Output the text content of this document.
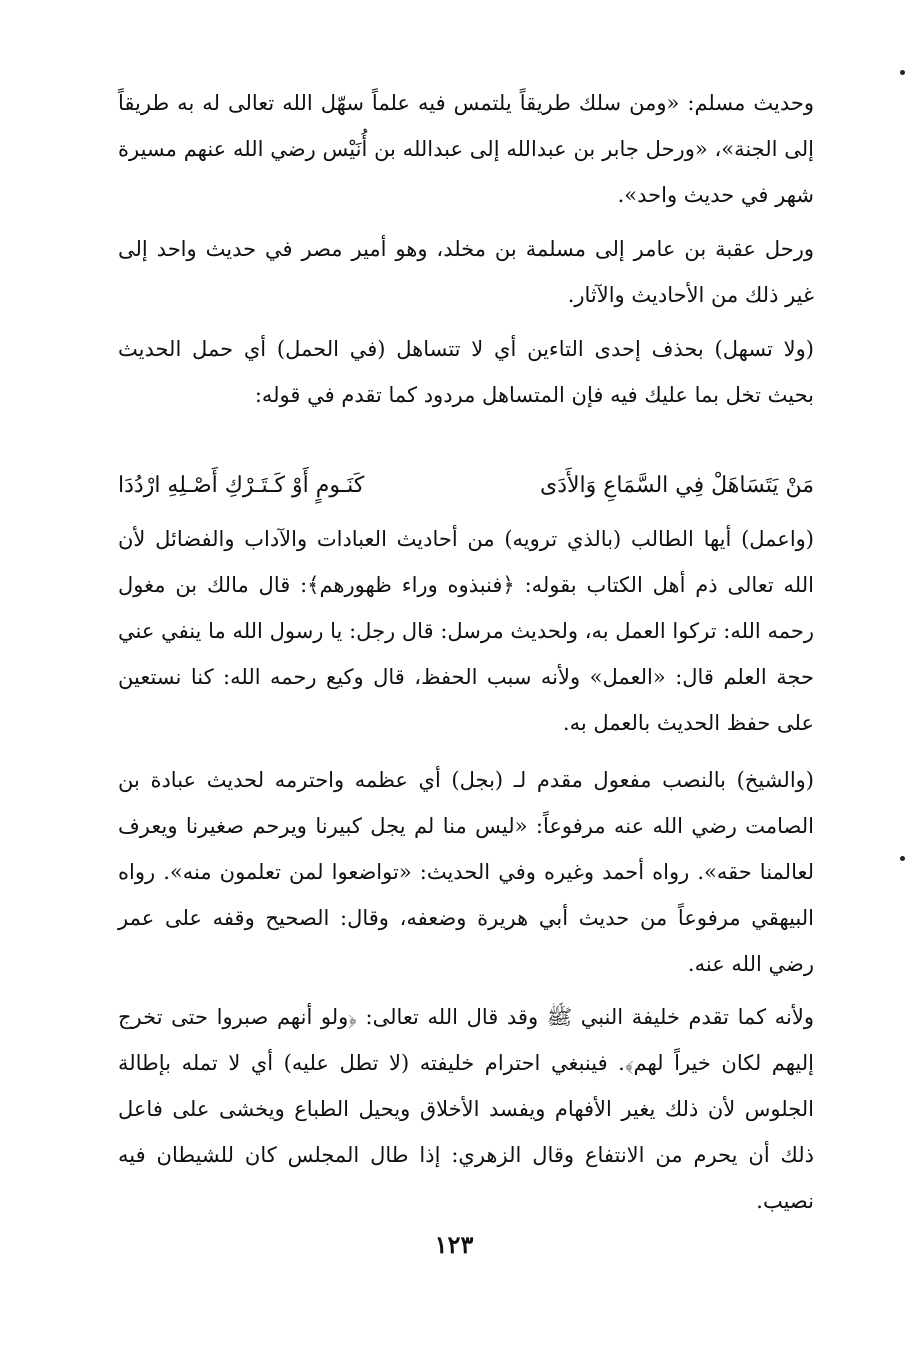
وحديث مسلم: «ومن سلك طريقاً يلتمس فيه علماً سهّل الله تعالى له به طريقاً إلى الجنة»، «ورحل جابر بن عبدالله إلى عبدالله بن أُنَيْس رضي الله عنهم مسيرة شهر في حديث واحد».

ورحل عقبة بن عامر إلى مسلمة بن مخلد، وهو أمير مصر في حديث واحد إلى غير ذلك من الأحاديث والآثار.

(ولا تسهل) بحذف إحدى التاءين أي لا تتساهل (في الحمل) أي حمل الحديث بحيث تخل بما عليك فيه فإن المتساهل مردود كما تقدم في قوله:

مَنْ يَتَسَاهَلْ فِي السَّمَاعِ وَالأَدَى
كَنَـومٍ أَوْ كَـتَـرْكِ أَصْـلِهِ ارْدُدَا

(واعمل) أيها الطالب (بالذي ترويه) من أحاديث العبادات والآداب والفضائل لأن الله تعالى ذم أهل الكتاب بقوله: ﴿فنبذوه وراء ظهورهم﴾: قال مالك بن مغول رحمه الله: تركوا العمل به، ولحديث مرسل: قال رجل: يا رسول الله ما ينفي عني حجة العلم قال: «العمل» ولأنه سبب الحفظ، قال وكيع رحمه الله: كنا نستعين على حفظ الحديث بالعمل به.

(والشيخ) بالنصب مفعول مقدم لـ (بجل) أي عظمه واحترمه لحديث عبادة بن الصامت رضي الله عنه مرفوعاً: «ليس منا لم يجل كبيرنا ويرحم صغيرنا ويعرف لعالمنا حقه». رواه أحمد وغيره وفي الحديث: «تواضعوا لمن تعلمون منه». رواه البيهقي مرفوعاً من حديث أبي هريرة وضعفه، وقال: الصحيح وقفه على عمر رضي الله عنه.

ولأنه كما تقدم خليفة النبي ﷺ وقد قال الله تعالى: ﴿ولو أنهم صبروا حتى تخرج إليهم لكان خيراً لهم﴾. فينبغي احترام خليفته (لا تطل عليه) أي لا تمله بإطالة الجلوس لأن ذلك يغير الأفهام ويفسد الأخلاق ويحيل الطباع ويخشى على فاعل ذلك أن يحرم من الانتفاع وقال الزهري: إذا طال المجلس كان للشيطان فيه نصيب.

١٢٣
